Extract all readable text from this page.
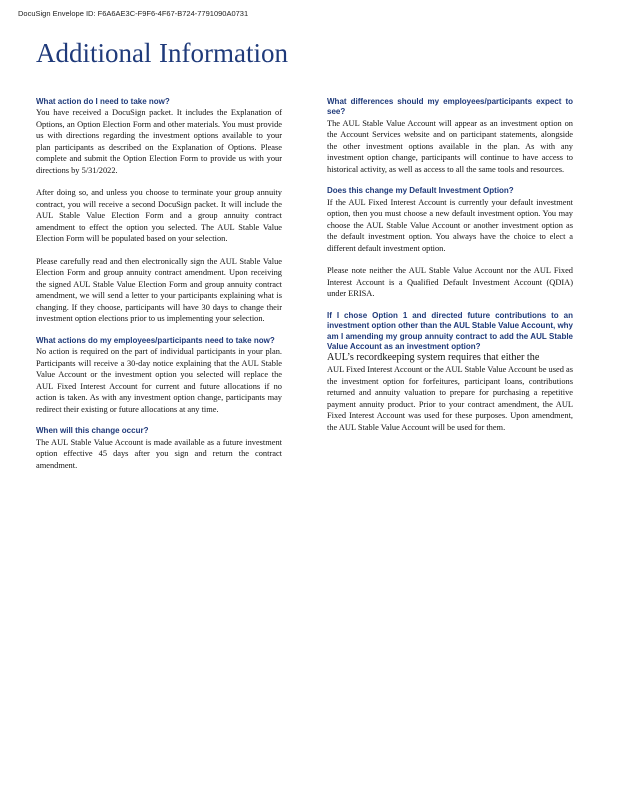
DocuSign Envelope ID: F6A6AE3C-F9F6-4F67-B724-7791090A0731
Additional Information

What action do I need to take now?

You have received a DocuSign packet. It includes the Explanation of Options, an Option Election Form and other materials. You must provide us with directions regarding the investment options available to your plan participants as described on the Explanation of Options. Please complete and submit the Option Election Form to provide us with your directions by 5/31/2022.

After doing so, and unless you choose to terminate your group annuity contract, you will receive a second DocuSign packet. It will include the AUL Stable Value Election Form and a group annuity contract amendment to effect the option you selected. The AUL Stable Value Election Form will be populated based on your selection.

Please carefully read and then electronically sign the AUL Stable Value Election Form and group annuity contract amendment. Upon receiving the signed AUL Stable Value Election Form and group annuity contract amendment, we will send a letter to your participants explaining what is changing. If they choose, participants will have 30 days to change their investment option elections prior to us implementing your selection.

What actions do my employees/participants need to take now?

No action is required on the part of individual participants in your plan. Participants will receive a 30-day notice explaining that the AUL Stable Value Account or the investment option you selected will replace the AUL Fixed Interest Account for current and future allocations if no action is taken. As with any investment option change, participants may redirect their existing or future allocations at any time.

When will this change occur?

The AUL Stable Value Account is made available as a future investment option effective 45 days after you sign and return the contract amendment.

What differences should my employees/participants expect to see?

The AUL Stable Value Account will appear as an investment option on the Account Services website and on participant statements, alongside the other investment options available in the plan. As with any investment option change, participants will continue to have access to historical activity, as well as access to all the same tools and resources.

Does this change my Default Investment Option?

If the AUL Fixed Interest Account is currently your default investment option, then you must choose a new default investment option. You may choose the AUL Stable Value Account or another investment option as the default investment option. You always have the choice to elect a different default investment option.

Please note neither the AUL Stable Value Account nor the AUL Fixed Interest Account is a Qualified Default Investment Account (QDIA) under ERISA.

If I chose Option 1 and directed future contributions to an investment option other than the AUL Stable Value Account, why am I amending my group annuity contract to add the AUL Stable Value Account as an investment option?

AUL’s recordkeeping system requires that either the

AUL Fixed Interest Account or the AUL Stable Value Account be used as the investment option for forfeitures, participant loans, contributions returned and annuity valuation to prepare for purchasing a repetitive payment annuity product. Prior to your contract amendment, the AUL Fixed Interest Account was used for these purposes. Upon amendment, the AUL Stable Value Account will be used for them.
